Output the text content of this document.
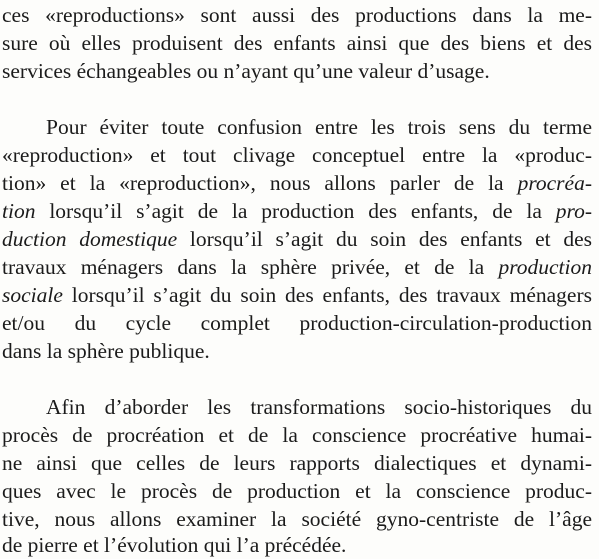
ces «reproductions» sont aussi des productions dans la me-
sure où elles produisent des enfants ainsi que des biens et des
services échangeables ou n’ayant qu’une valeur d’usage.
Pour éviter toute confusion entre les trois sens du terme
«reproduction» et tout clivage conceptuel entre la «produc-
tion» et la «reproduction», nous allons parler de la procréa-
tion lorsqu’il s’agit de la production des enfants, de la pro-
duction domestique lorsqu’il s’agit du soin des enfants et des
travaux ménagers dans la sphère privée, et de la production
sociale lorsqu’il s’agit du soin des enfants, des travaux ménagers
et/ou du cycle complet production-circulation-production
dans la sphère publique.
Afin d’aborder les transformations socio-historiques du
procès de procréation et de la conscience procréative humai-
ne ainsi que celles de leurs rapports dialectiques et dynami-
ques avec le procès de production et la conscience produc-
tive, nous allons examiner la société gyno-centriste de l’âge
de pierre et l’évolution qui l’a précédée.
